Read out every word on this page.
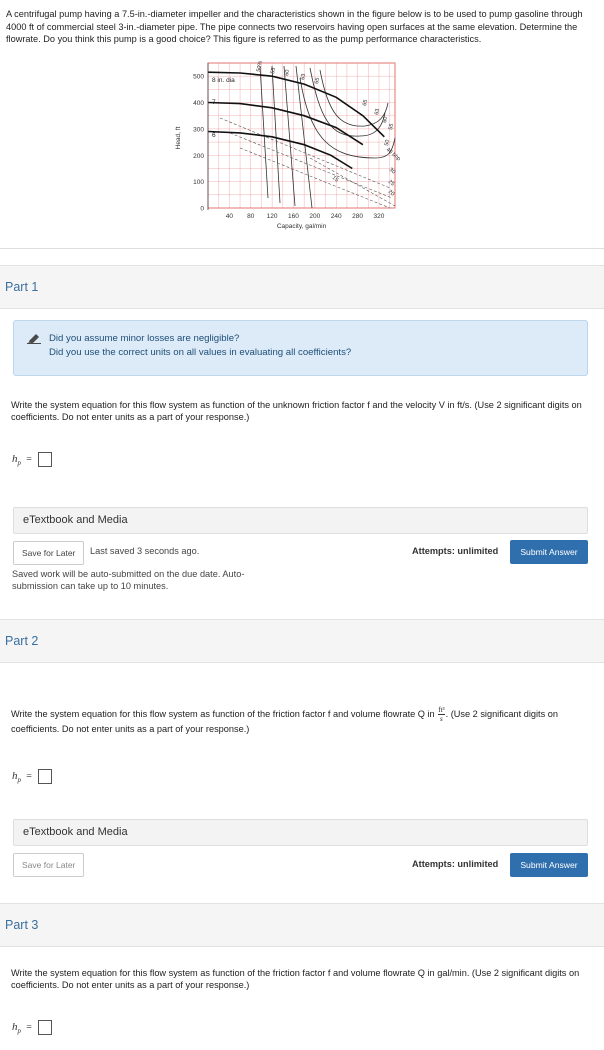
A centrifugal pump having a 7.5-in.-diameter impeller and the characteristics shown in the figure below is to be used to pump gasoline through 4000 ft of commercial steel 3-in.-diameter pipe. The pipe connects two reservoirs having open surfaces at the same elevation. Determine the flowrate. Do you think this pump is a good choice? This figure is referred to as the pump performance characteristics.
0
100
200
300
400
500
40 80 120 160 200 240 280 320
Capacity, gal/min
Head, ft
8 in. dia
7
6
50% 55 60
63
65
65
63
60
55
50
40 bhp
30
25
20
15
Part 1
Did you assume minor losses are negligible?
Did you use the correct units on all values in evaluating all coefficients?
Write the system equation for this flow system as function of the unknown friction factor f and the velocity V in ft/s. (Use 2 significant digits on coefficients. Do not enter units as a part of your response.)
$h_p$  =
eTextbook and Media
Save for Later	Last saved 3 seconds ago.	Attempts: unlimited	Submit Answer
Saved work will be auto-submitted on the due date. Auto-submission can take up to 10 minutes.
Part 2
Write the system equation for this flow system as function of the friction factor f and volume flowrate Q in $\frac{\text{ft³}}{s}$ . (Use 2 significant digits on coefficients. Do not enter units as a part of your response.)
$h_p$  =
eTextbook and Media
Save for Later	Attempts: unlimited	Submit Answer
Part 3
Write the system equation for this flow system as function of the friction factor f and volume flowrate Q in gal/min. (Use 2 significant digits on coefficients. Do not enter units as a part of your response.)
$h_p$  =
